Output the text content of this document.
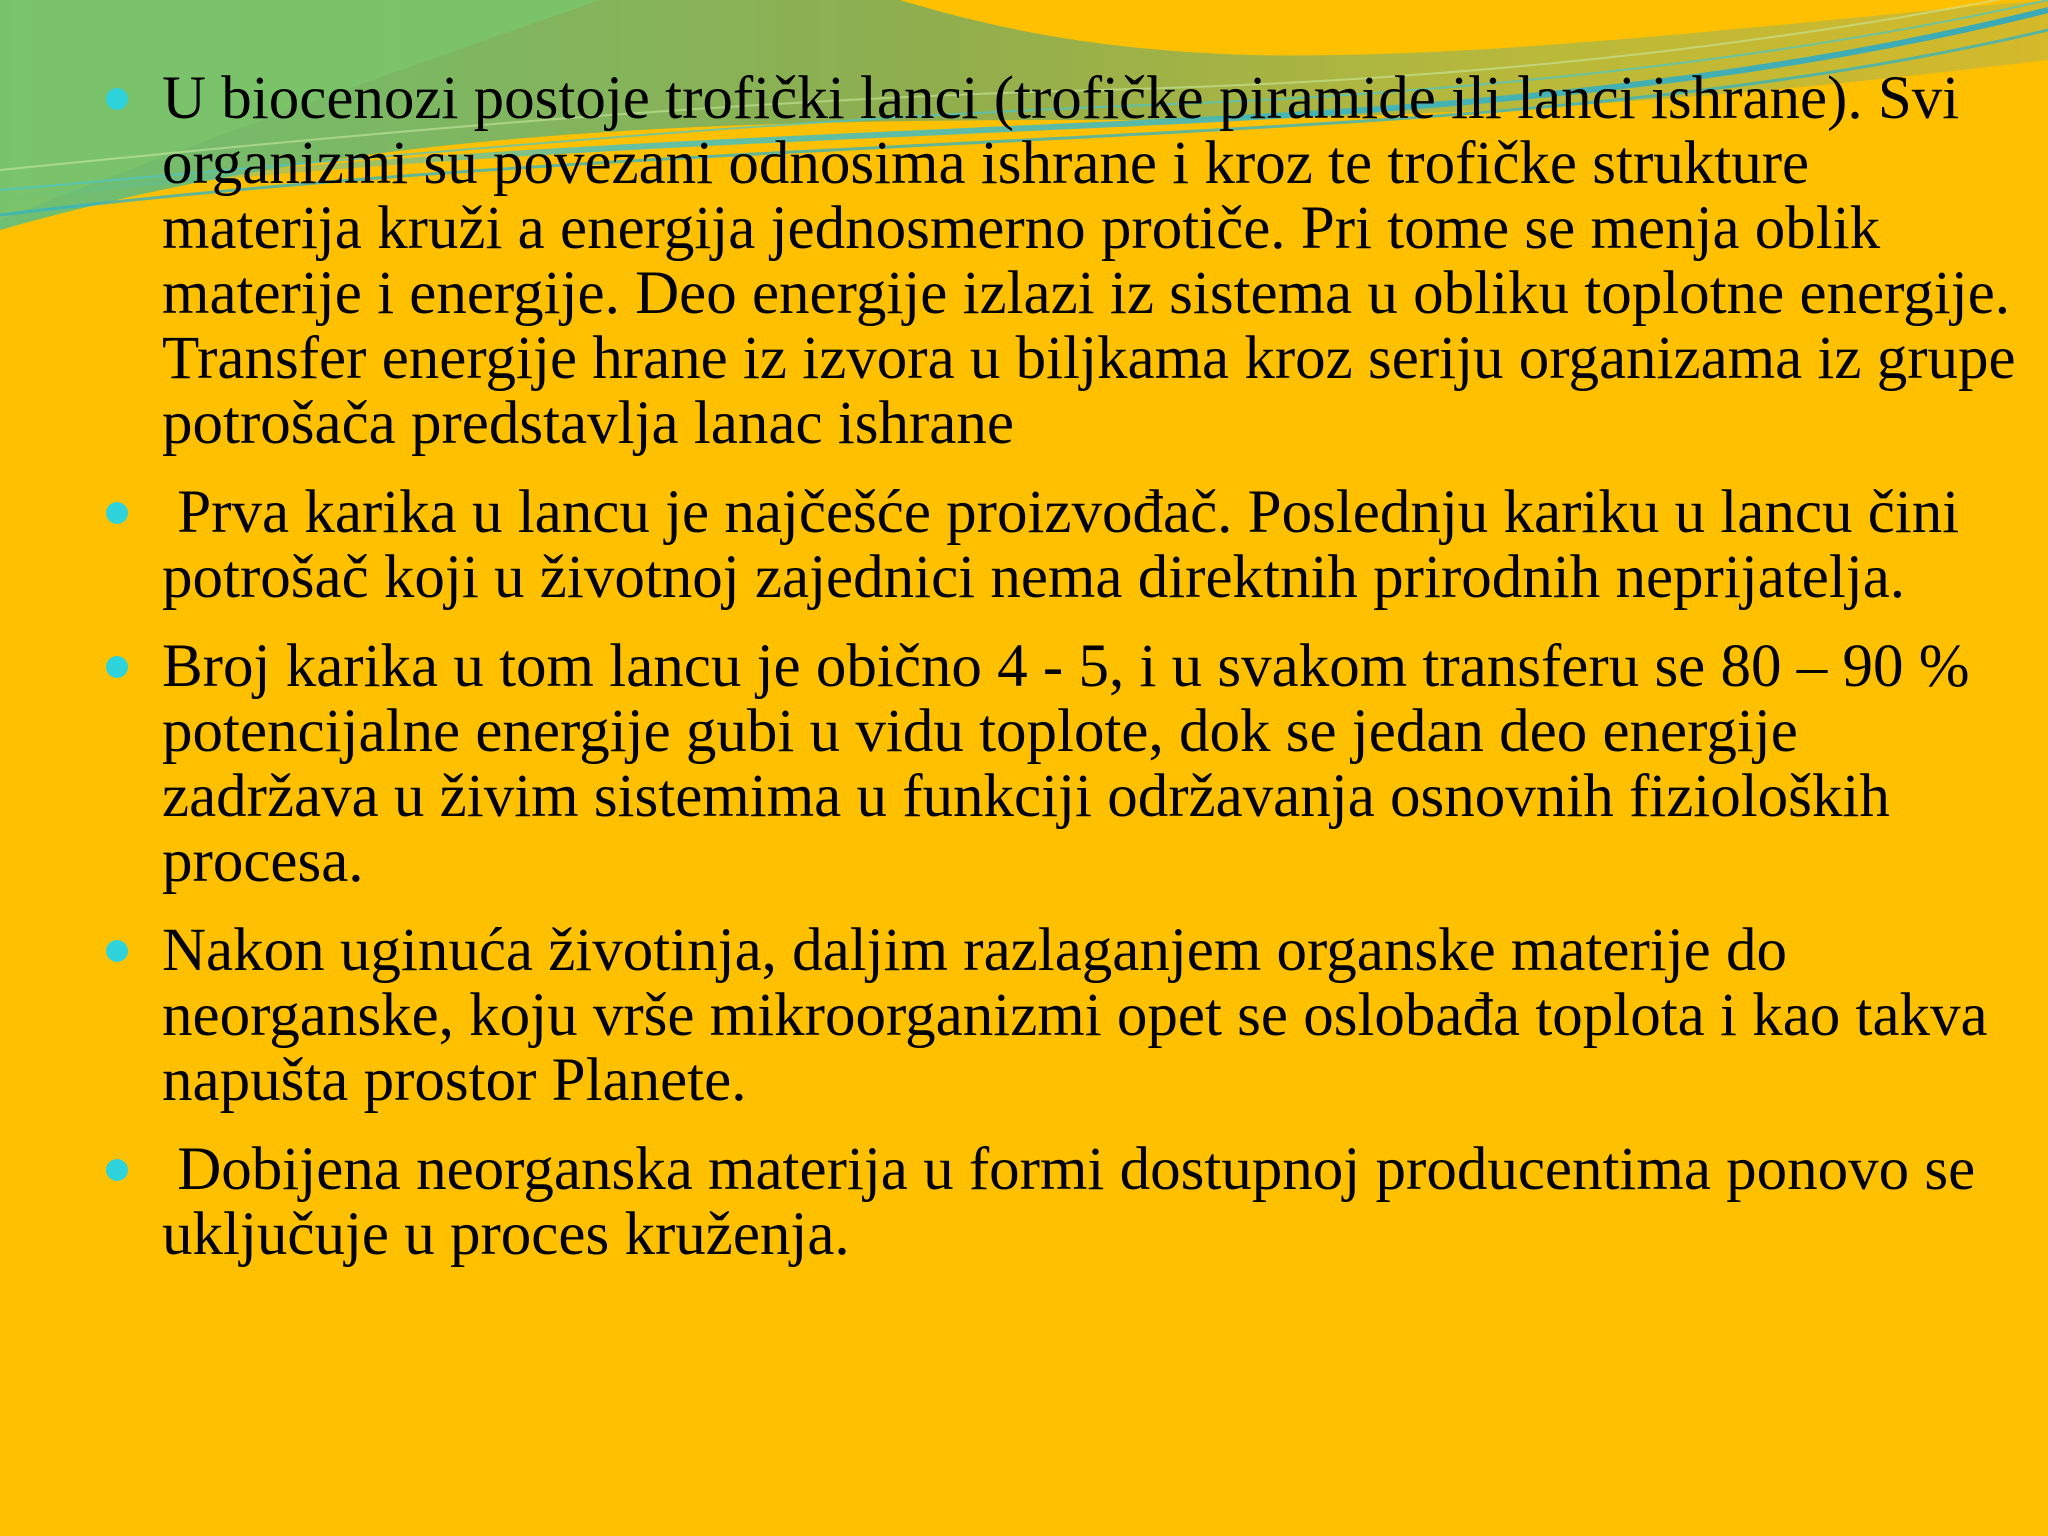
U biocenozi postoje trofički lanci (trofičke piramide ili lanci ishrane). Svi organizmi su povezani odnosima ishrane i kroz te trofičke strukture materija kruži a energija jednosmerno protiče. Pri tome se menja oblik materije i energije. Deo energije izlazi iz sistema u obliku toplotne energije. Transfer energije hrane iz izvora u biljkama kroz seriju organizama iz grupe potrošača predstavlja lanac ishrane
Prva karika u lancu je najčešće proizvođač. Poslednju kariku u lancu čini potrošač koji u životnoj zajednici nema direktnih prirodnih neprijatelja.
Broj karika u tom lancu je obično 4 - 5, i u svakom transferu se 80 – 90 % potencijalne energije gubi u vidu toplote, dok se jedan deo energije zadržava u živim sistemima u funkciji održavanja osnovnih fizioloških procesa.
Nakon uginuća životinja, daljim razlaganjem organske materije do neorganske, koju vrše mikroorganizmi opet se oslobađa toplota i kao takva napušta prostor Planete.
Dobijena neorganska materija u formi dostupnoj producentima ponovo se uključuje u proces kruženja.
